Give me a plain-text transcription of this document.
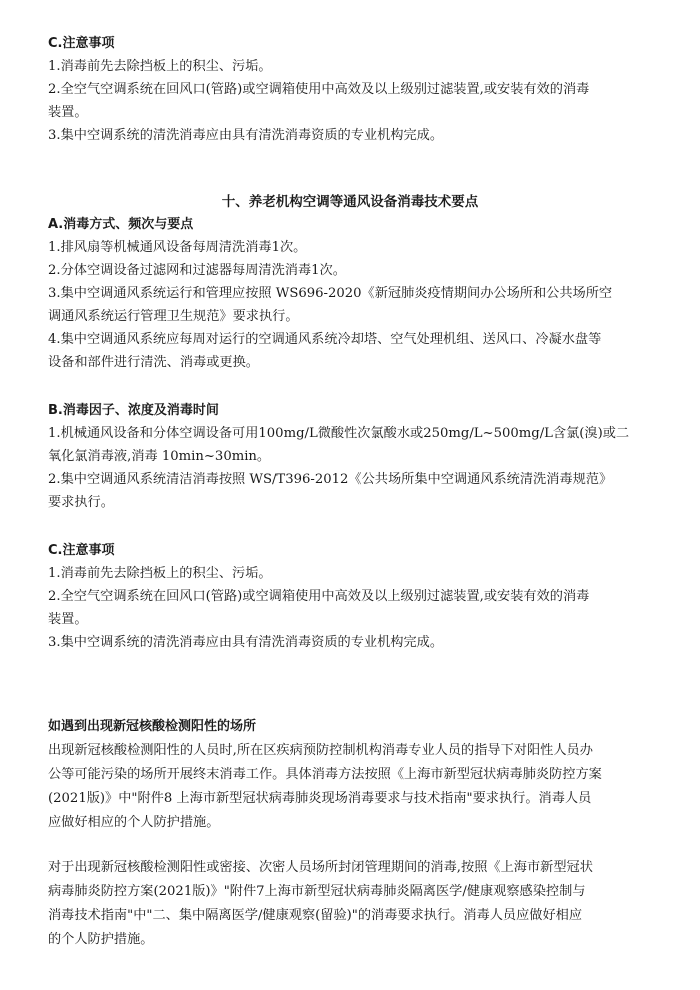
C.注意事项
1.消毒前先去除挡板上的积尘、污垢。
2.全空气空调系统在回风口(管路)或空调箱使用中高效及以上级别过滤装置,或安装有效的消毒
装置。
3.集中空调系统的清洗消毒应由具有清洗消毒资质的专业机构完成。
十、养老机构空调等通风设备消毒技术要点
A.消毒方式、频次与要点
1.排风扇等机械通风设备每周清洗消毒1次。
2.分体空调设备过滤网和过滤器每周清洗消毒1次。
3.集中空调通风系统运行和管理应按照 WS696-2020《新冠肺炎疫情期间办公场所和公共场所空
调通风系统运行管理卫生规范》要求执行。
4.集中空调通风系统应每周对运行的空调通风系统冷却塔、空气处理机组、送风口、冷凝水盘等
设备和部件进行清洗、消毒或更换。
B.消毒因子、浓度及消毒时间
1.机械通风设备和分体空调设备可用100mg/L微酸性次氯酸水或250mg/L~500mg/L含氯(溴)或二
氧化氯消毒液,消毒 10min~30min。
2.集中空调通风系统清洁消毒按照 WS/T396-2012《公共场所集中空调通风系统清洗消毒规范》
要求执行。
C.注意事项
1.消毒前先去除挡板上的积尘、污垢。
2.全空气空调系统在回风口(管路)或空调箱使用中高效及以上级别过滤装置,或安装有效的消毒
装置。
3.集中空调系统的清洗消毒应由具有清洗消毒资质的专业机构完成。
如遇到出现新冠核酸检测阳性的场所
出现新冠核酸检测阳性的人员时,所在区疾病预防控制机构消毒专业人员的指导下对阳性人员办
公等可能污染的场所开展终末消毒工作。具体消毒方法按照《上海市新型冠状病毒肺炎防控方案
(2021版)》中"附件8 上海市新型冠状病毒肺炎现场消毒要求与技术指南"要求执行。消毒人员
应做好相应的个人防护措施。
对于出现新冠核酸检测阳性或密接、次密人员场所封闭管理期间的消毒,按照《上海市新型冠状
病毒肺炎防控方案(2021版)》"附件7上海市新型冠状病毒肺炎隔离医学/健康观察感染控制与
消毒技术指南"中"二、集中隔离医学/健康观察(留验)"的消毒要求执行。消毒人员应做好相应
的个人防护措施。
